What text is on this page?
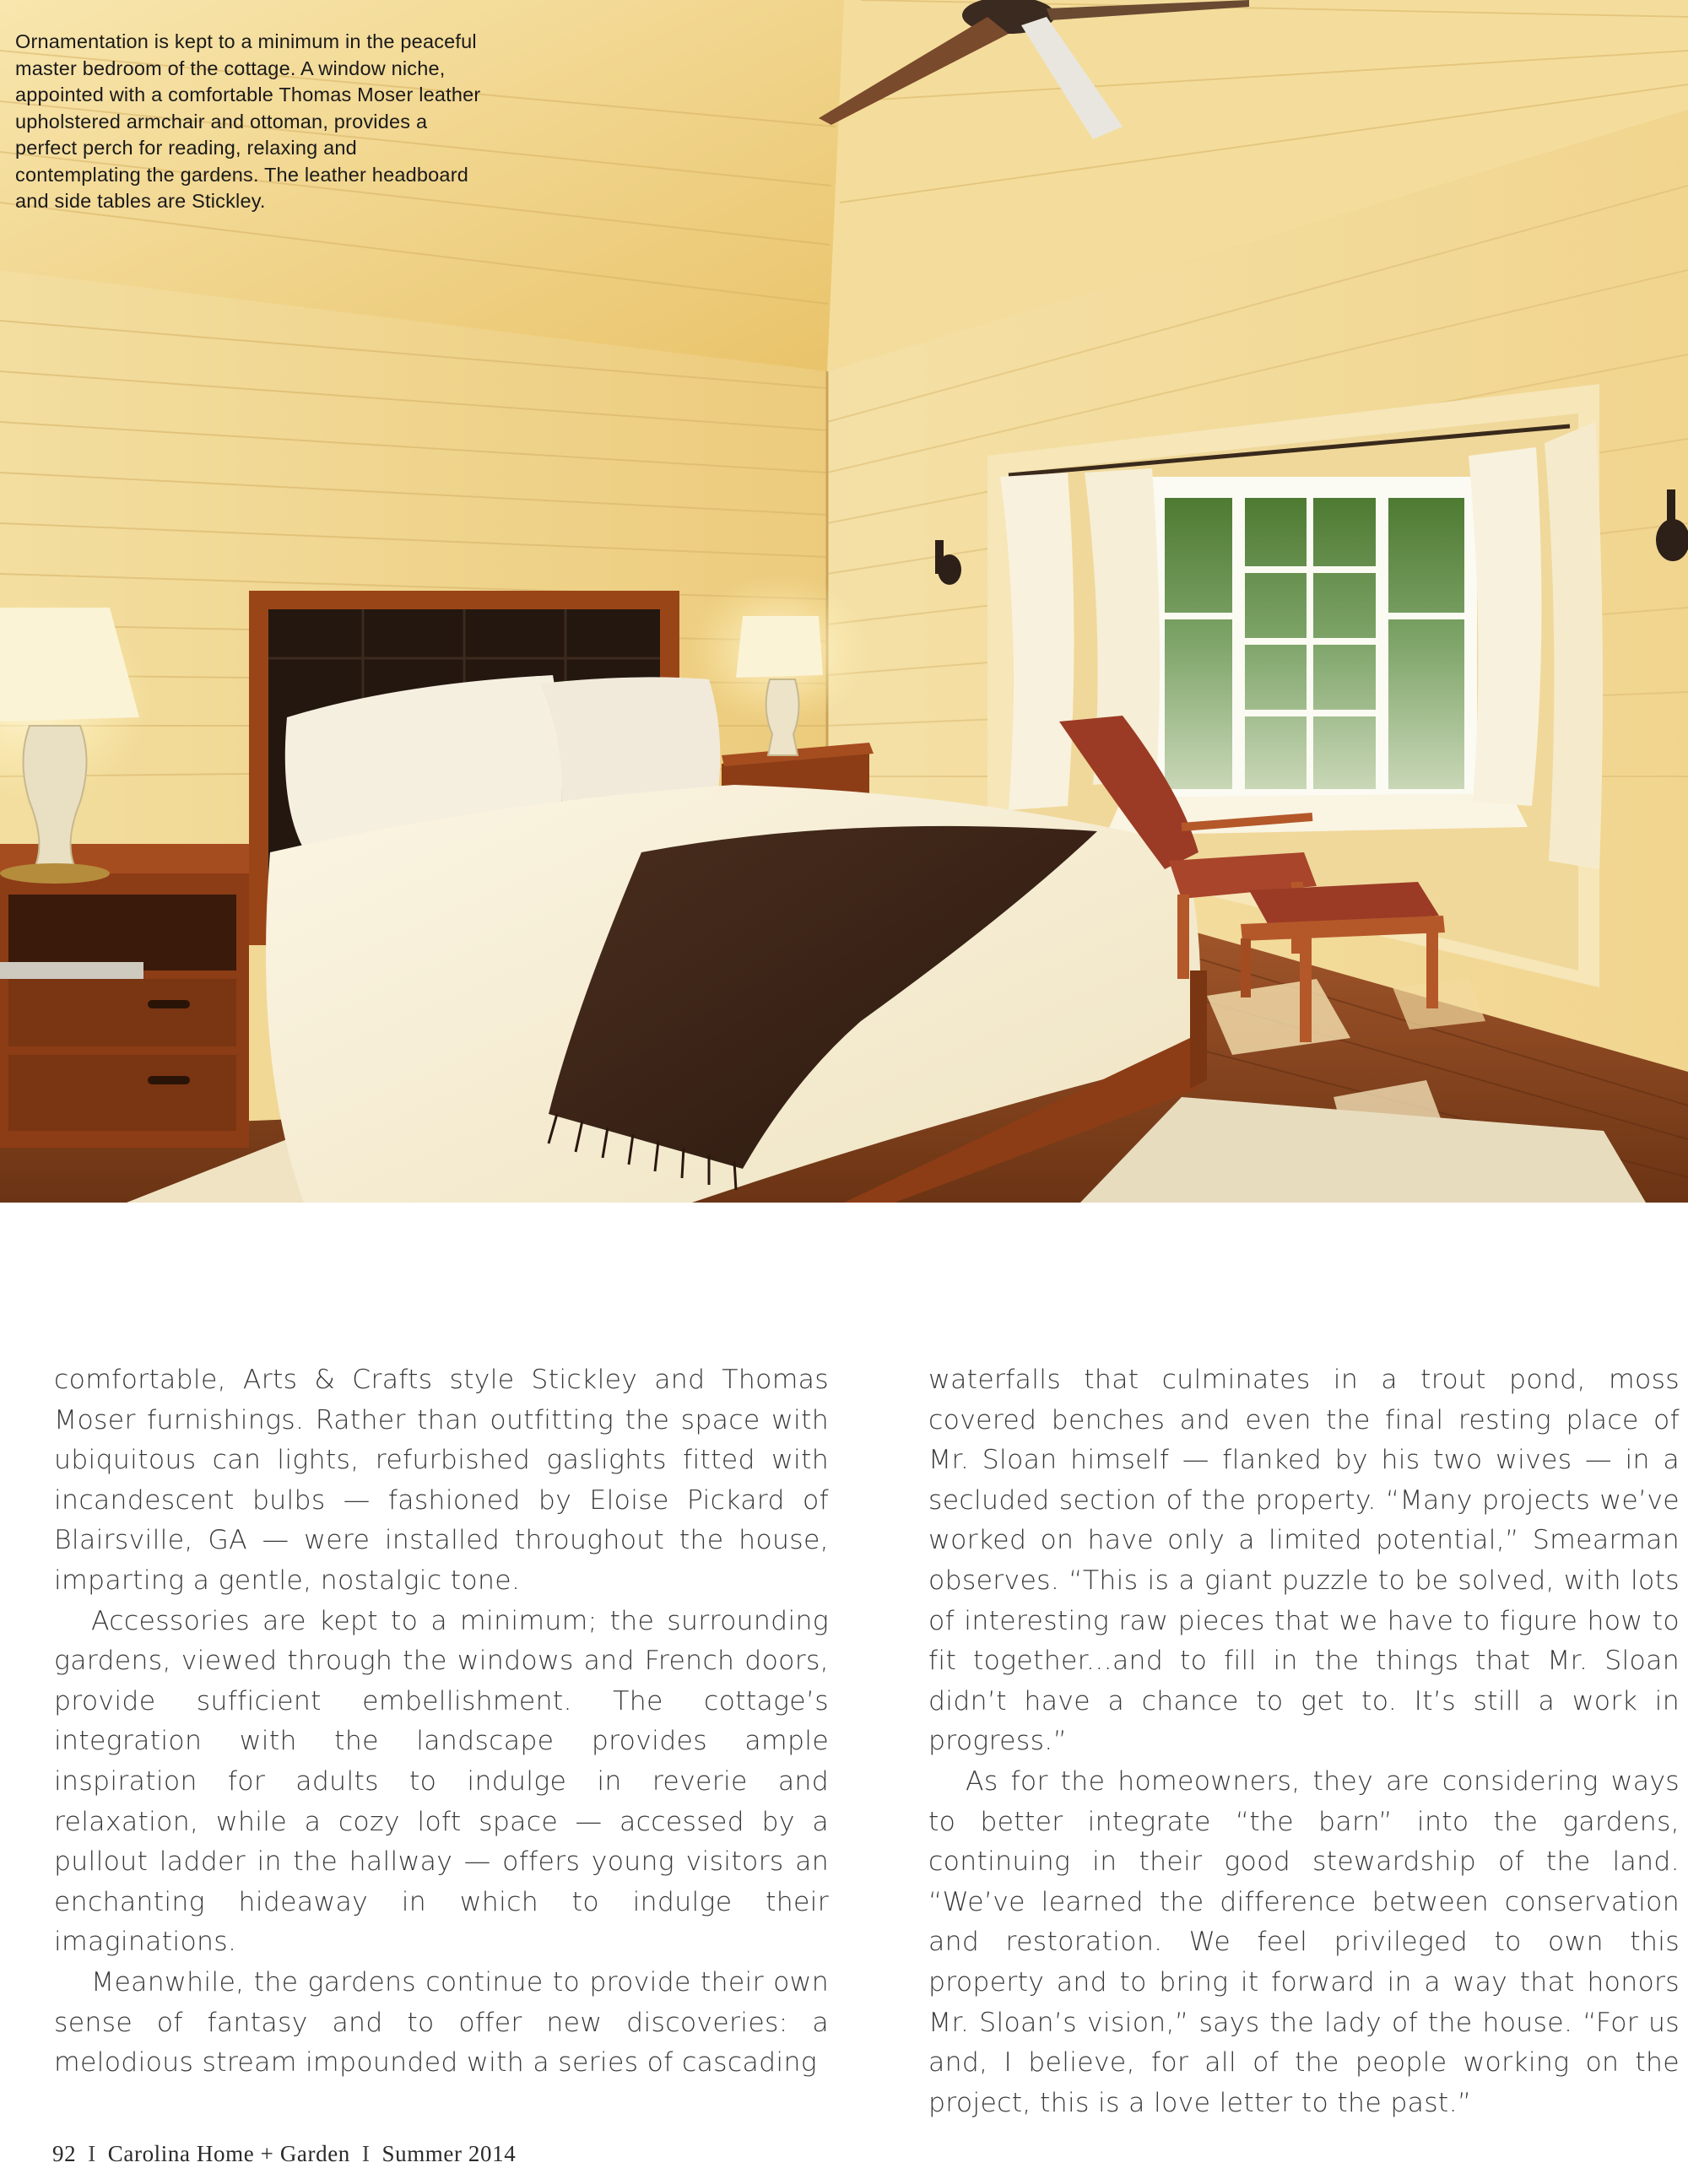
Ornamentation is kept to a minimum in the peaceful master bedroom of the cottage. A window niche, appointed with a comfortable Thomas Moser leather upholstered armchair and ottoman, provides a perfect perch for reading, relaxing and contemplating the gardens. The leather headboard and side tables are Stickley.

comfortable, Arts & Crafts style Stickley and Thomas Moser furnishings. Rather than outfitting the space with ubiquitous can lights, refurbished gaslights fitted with incandescent bulbs — fashioned by Eloise Pickard of Blairsville, GA — were installed throughout the house, imparting a gentle, nostalgic tone.

Accessories are kept to a minimum; the surrounding gardens, viewed through the windows and French doors, provide sufficient embellishment. The cottage’s integration with the landscape provides ample inspiration for adults to indulge in reverie and relaxation, while a cozy loft space — accessed by a pullout ladder in the hallway — offers young visitors an enchanting hideaway in which to indulge their imaginations.

Meanwhile, the gardens continue to provide their own sense of fantasy and to offer new discoveries: a melodious stream impounded with a series of cascading

waterfalls that culminates in a trout pond, moss covered benches and even the final resting place of Mr. Sloan himself — flanked by his two wives — in a secluded section of the property. “Many projects we’ve worked on have only a limited potential,” Smearman observes. “This is a giant puzzle to be solved, with lots of interesting raw pieces that we have to figure how to fit together...and to fill in the things that Mr. Sloan didn’t have a chance to get to. It’s still a work in progress.”

As for the homeowners, they are considering ways to better integrate “the barn” into the gardens, continuing in their good stewardship of the land. “We’ve learned the difference between conservation and restoration. We feel privileged to own this property and to bring it forward in a way that honors Mr. Sloan’s vision,” says the lady of the house. “For us and, I believe, for all of the people working on the project, this is a love letter to the past.”

92 I Carolina Home + Garden I Summer 2014
